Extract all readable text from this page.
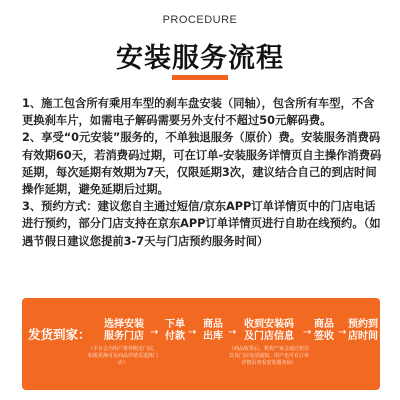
PROCEDURE
安装服务流程

1、施工包含所有乘用车型的刹车盘安装（同轴），包含所有车型，不含更换刹车片，如需电子解码需要另外支付不超过50元解码费。

2、享受“0元安装”服务的，不单独退服务（原价）费。安装服务消费码有效期60天，若消费码过期，可在订单-安装服务详情页自主操作消费码延期，每次延期有效期为7天，仅限延期3次，建议结合自己的到店时间操作延期，避免延期后过期。

3、预约方式：建议您自主通过短信/京东APP订单详情页中的门店电话进行预约，部分门店支持在京东APP订单详情页进行自助在线预约。（如遇节假日建议您提前3-7天与门店预约服务时间）

发货到家：
选择安装
服务门店
（平台会为用户推荐附近门店，如需更换可在商品详情页选择门店）
→
下单
付款 →
商品
出库 →
收到安装码
及门店信息
（商品收货后，机构产家会通过短信以及门店电话通知，用户也可在订单详情页查看安装服务码）
→
商品
签收 →
预约到
店时间
